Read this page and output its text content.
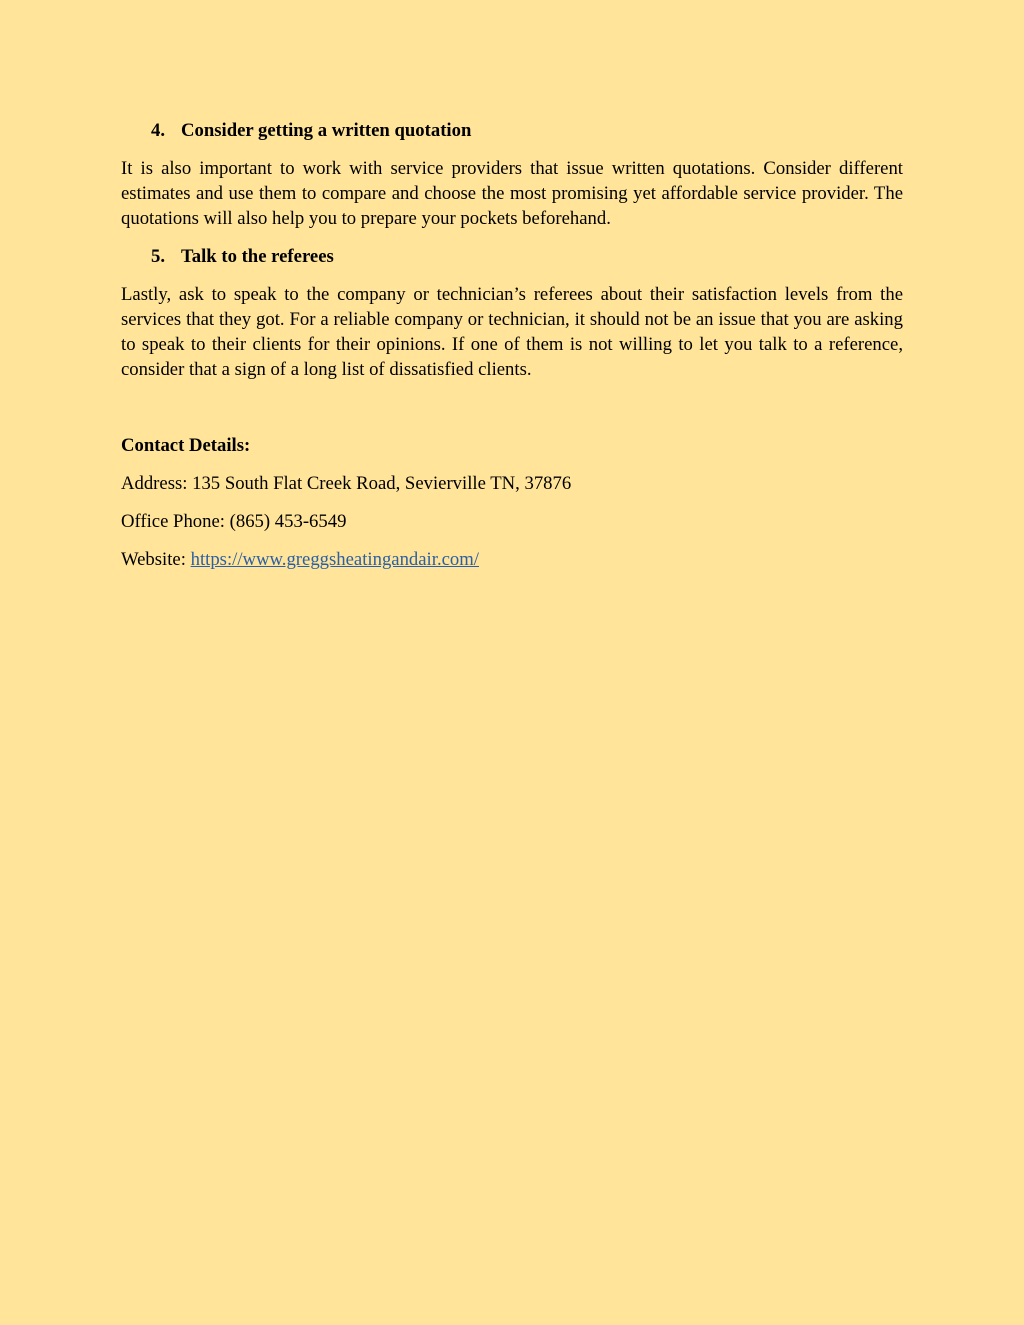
4. Consider getting a written quotation

It is also important to work with service providers that issue written quotations. Consider different estimates and use them to compare and choose the most promising yet affordable service provider. The quotations will also help you to prepare your pockets beforehand.

5. Talk to the referees

Lastly, ask to speak to the company or technician’s referees about their satisfaction levels from the services that they got. For a reliable company or technician, it should not be an issue that you are asking to speak to their clients for their opinions. If one of them is not willing to let you talk to a reference, consider that a sign of a long list of dissatisfied clients.

Contact Details:

Address: 135 South Flat Creek Road, Sevierville TN, 37876

Office Phone: (865) 453-6549

Website: https://www.greggsheatingandair.com/
